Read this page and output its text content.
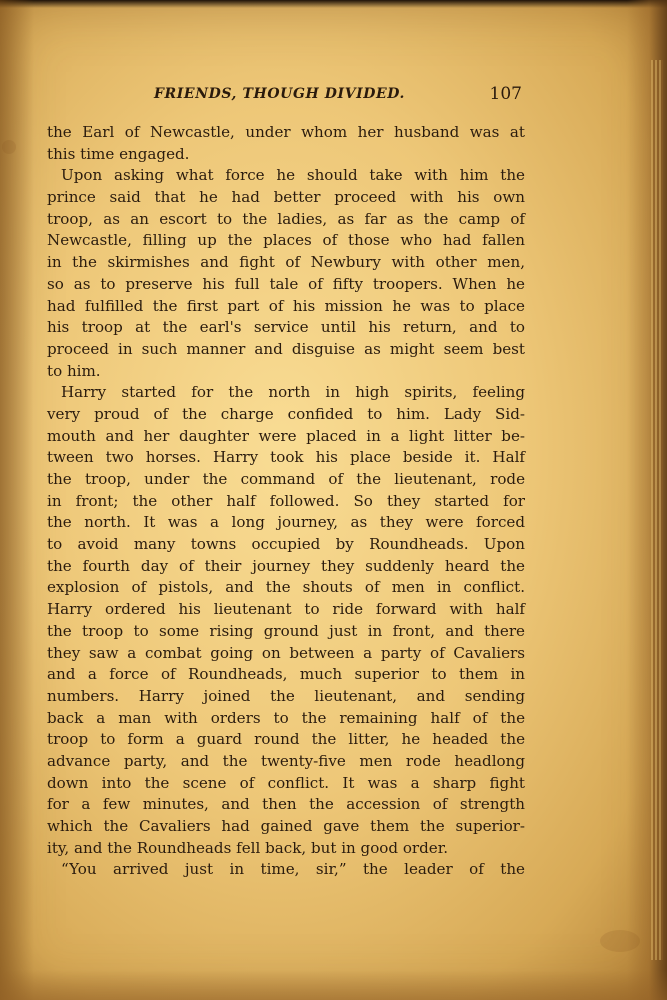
FRIENDS, THOUGH DIVIDED.	107
the Earl of Newcastle, under whom her husband was at
this time engaged.
Upon asking what force he should take with him the
prince said that he had better proceed with his own
troop, as an escort to the ladies, as far as the camp of
Newcastle, filling up the places of those who had fallen
in the skirmishes and fight of Newbury with other men,
so as to preserve his full tale of fifty troopers. When he
had fulfilled the first part of his mission he was to place
his troop at the earl's service until his return, and to
proceed in such manner and disguise as might seem best
to him.
Harry started for the north in high spirits, feeling
very proud of the charge confided to him. Lady Sid-
mouth and her daughter were placed in a light litter be-
tween two horses. Harry took his place beside it. Half
the troop, under the command of the lieutenant, rode
in front; the other half followed. So they started for
the north. It was a long journey, as they were forced
to avoid many towns occupied by Roundheads. Upon
the fourth day of their journey they suddenly heard the
explosion of pistols, and the shouts of men in conflict.
Harry ordered his lieutenant to ride forward with half
the troop to some rising ground just in front, and there
they saw a combat going on between a party of Cavaliers
and a force of Roundheads, much superior to them in
numbers. Harry joined the lieutenant, and sending
back a man with orders to the remaining half of the
troop to form a guard round the litter, he headed the
advance party, and the twenty-five men rode headlong
down into the scene of conflict. It was a sharp fight
for a few minutes, and then the accession of strength
which the Cavaliers had gained gave them the superior-
ity, and the Roundheads fell back, but in good order.
“You arrived just in time, sir,” the leader of the
